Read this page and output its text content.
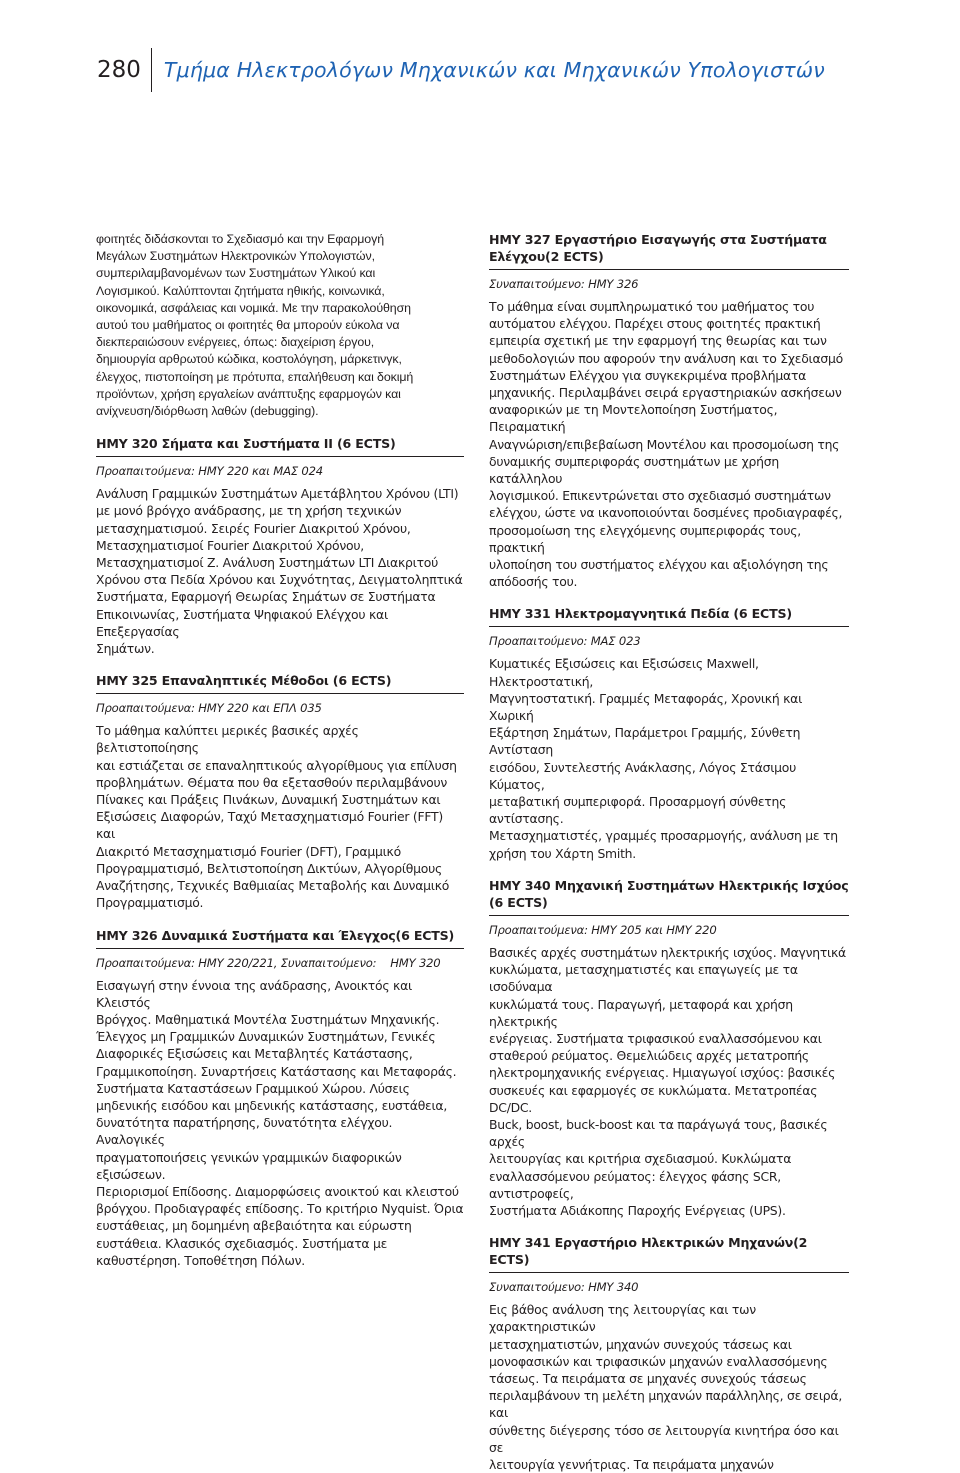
280	Τμήμα Ηλεκτρολόγων Μηχανικών και Μηχανικών Υπολογιστών

φοιτητές διδάσκονται το Σχεδιασμό και την Εφαρμογή
Μεγάλων Συστημάτων Ηλεκτρονικών Υπολογιστών,
συμπεριλαμβανομένων των Συστημάτων Υλικού και
Λογισμικού. Καλύπτονται ζητήματα ηθικής, κοινωνικά,
οικονομικά, ασφάλειας και νομικά. Με την παρακολούθηση
αυτού του μαθήματος οι φοιτητές θα μπορούν εύκολα να
διεκπεραιώσουν ενέργειες, όπως: διαχείριση έργου,
δημιουργία αρθρωτού κώδικα, κοστολόγηση, μάρκετινγκ,
έλεγχος, πιστοποίηση με πρότυπα, επαλήθευση και δοκιμή
προϊόντων, χρήση εργαλείων ανάπτυξης εφαρμογών και
ανίχνευση/διόρθωση λαθών (debugging).

ΗΜΥ 320 Σήματα και Συστήματα ΙΙ (6 ECTS)

Προαπαιτούμενα: ΗΜΥ 220 και ΜΑΣ 024

Ανάλυση Γραμμικών Συστημάτων Αμετάβλητου Χρόνου (LTI)
με μονό βρόγχο ανάδρασης, με τη χρήση τεχνικών
μετασχηματισμού. Σειρές Fourier Διακριτού Χρόνου,
Μετασχηματισμοί Fourier Διακριτού Χρόνου,
Μετασχηματισμοί Ζ. Ανάλυση Συστημάτων LTI Διακριτού
Χρόνου στα Πεδία Χρόνου και Συχνότητας, Δειγματοληπτικά
Συστήματα, Εφαρμογή Θεωρίας Σημάτων σε Συστήματα
Επικοινωνίας, Συστήματα Ψηφιακού Ελέγχου και Επεξεργασίας
Σημάτων.

ΗΜΥ 325 Επαναληπτικές Μέθοδοι (6 ECTS)

Προαπαιτούμενα: ΗΜΥ 220 και ΕΠΛ 035

Το μάθημα καλύπτει μερικές βασικές αρχές βελτιστοποίησης
και εστιάζεται σε επαναληπτικούς αλγορίθμους για επίλυση
προβλημάτων. Θέματα που θα εξετασθούν περιλαμβάνουν
Πίνακες και Πράξεις Πινάκων, Δυναμική Συστημάτων και
Εξισώσεις Διαφορών, Ταχύ Μετασχηματισμό Fourier (FFT) και
Διακριτό Μετασχηματισμό Fourier (DFT), Γραμμικό
Προγραμματισμό, Βελτιστοποίηση Δικτύων, Αλγορίθμους
Αναζήτησης, Τεχνικές Βαθμιαίας Μεταβολής και Δυναμικό
Προγραμματισμό.

ΗΜΥ 326 Δυναμικά Συστήματα και Έλεγχος(6 ECTS)

Προαπαιτούμενα: ΗΜΥ 220/221, Συναπαιτούμενο:    ΗΜΥ 320

Εισαγωγή στην έννοια της ανάδρασης, Ανοικτός και Κλειστός
Βρόγχος. Μαθηματικά Μοντέλα Συστημάτων Μηχανικής.
Έλεγχος μη Γραμμικών Δυναμικών Συστημάτων, Γενικές
Διαφορικές Εξισώσεις και Μεταβλητές Κατάστασης,
Γραμμικοποίηση. Συναρτήσεις Κατάστασης και Μεταφοράς.
Συστήματα Καταστάσεων Γραμμικού Χώρου. Λύσεις
μηδενικής εισόδου και μηδενικής κατάστασης, ευστάθεια,
δυνατότητα παρατήρησης, δυνατότητα ελέγχου. Αναλογικές
πραγματοποιήσεις γενικών γραμμικών διαφορικών εξισώσεων.
Περιορισμοί Επίδοσης. Διαμορφώσεις ανοικτού και κλειστού
βρόγχου. Προδιαγραφές επίδοσης. Το κριτήριο Nyquist. Όρια
ευστάθειας, μη δομημένη αβεβαιότητα και εύρωστη
ευστάθεια. Κλασικός σχεδιασμός. Συστήματα με
καθυστέρηση. Τοποθέτηση Πόλων.

ΗΜΥ 327 Εργαστήριο Εισαγωγής στα Συστήματα
Ελέγχου(2 ECTS)

Συναπαιτούμενο: ΗΜΥ 326

Το μάθημα είναι συμπληρωματικό του μαθήματος του
αυτόματου ελέγχου. Παρέχει στους φοιτητές πρακτική
εμπειρία σχετική με την εφαρμογή της θεωρίας και των
μεθοδολογιών που αφορούν την ανάλυση και το Σχεδιασμό
Συστημάτων Ελέγχου για συγκεκριμένα προβλήματα
μηχανικής. Περιλαμβάνει σειρά εργαστηριακών ασκήσεων
αναφορικών με τη Μοντελοποίηση Συστήματος, Πειραματική
Αναγνώριση/επιβεβαίωση Μοντέλου και προσομοίωση της
δυναμικής συμπεριφοράς συστημάτων με χρήση κατάλληλου
λογισμικού. Επικεντρώνεται στο σχεδιασμό συστημάτων
ελέγχου, ώστε να ικανοποιούνται δοσμένες προδιαγραφές,
προσομοίωση της ελεγχόμενης συμπεριφοράς τους, πρακτική
υλοποίηση του συστήματος ελέγχου και αξιολόγηση της
απόδοσής του.

ΗΜΥ 331 Ηλεκτρομαγνητικά Πεδία (6 ECTS)

Προαπαιτούμενο: ΜΑΣ 023

Κυματικές Εξισώσεις και Εξισώσεις Maxwell, Ηλεκτροστατική,
Μαγνητοστατική. Γραμμές Μεταφοράς, Χρονική και Χωρική
Εξάρτηση Σημάτων, Παράμετροι Γραμμής, Σύνθετη Αντίσταση
εισόδου, Συντελεστής Ανάκλασης, Λόγος Στάσιμου Κύματος,
μεταβατική συμπεριφορά. Προσαρμογή σύνθετης αντίστασης.
Μετασχηματιστές, γραμμές προσαρμογής, ανάλυση με τη
χρήση του Χάρτη Smith.

ΗΜΥ 340 Μηχανική Συστημάτων Ηλεκτρικής Ισχύος
(6 ECTS)

Προαπαιτούμενα: ΗΜΥ 205 και ΗΜΥ 220

Βασικές αρχές συστημάτων ηλεκτρικής ισχύος. Μαγνητικά
κυκλώματα, μετασχηματιστές και επαγωγείς με τα ισοδύναμα
κυκλώματά τους. Παραγωγή, μεταφορά και χρήση ηλεκτρικής
ενέργειας. Συστήματα τριφασικού εναλλασσόμενου και
σταθερού ρεύματος. Θεμελιώδεις αρχές μετατροπής
ηλεκτρομηχανικής ενέργειας. Ημιαγωγοί ισχύος: βασικές
συσκευές και εφαρμογές σε κυκλώματα. Μετατροπέας DC/DC.
Buck, boost, buck-boost και τα παράγωγά τους, βασικές αρχές
λειτουργίας και κριτήρια σχεδιασμού. Κυκλώματα
εναλλασσόμενου ρεύματος: έλεγχος φάσης SCR, αντιστροφείς,
Συστήματα Αδιάκοπης Παροχής Ενέργειας (UPS).

ΗΜΥ 341 Εργαστήριο Ηλεκτρικών Μηχανών(2 ECTS)

Συναπαιτούμενο: ΗΜΥ 340

Εις βάθος ανάλυση της λειτουργίας και των χαρακτηριστικών
μετασχηματιστών, μηχανών συνεχούς τάσεως και
μονοφασικών και τριφασικών μηχανών εναλλασσόμενης
τάσεως. Τα πειράματα σε μηχανές συνεχούς τάσεως
περιλαμβάνουν τη μελέτη μηχανών παράλληλης, σε σειρά, και
σύνθετης διέγερσης τόσο σε λειτουργία κινητήρα όσο και σε
λειτουργία γεννήτριας. Τα πειράματα μηχανών
